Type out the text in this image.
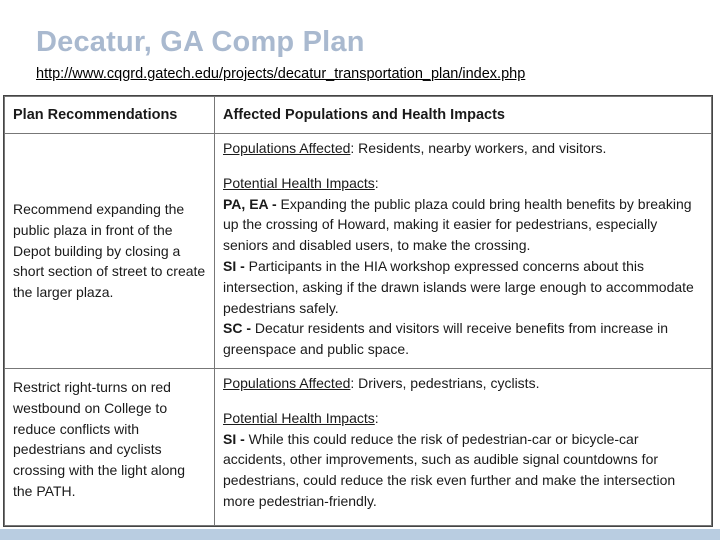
Decatur, GA Comp Plan
http://www.cqgrd.gatech.edu/projects/decatur_transportation_plan/index.php
Plan Recommendations	Affected Populations and Health Impacts
Recommend expanding the public plaza in front of the Depot building by closing a short section of street to create the larger plaza.	Populations Affected: Residents, nearby workers, and visitors.
Potential Health Impacts:
PA, EA - Expanding the public plaza could bring health benefits by breaking up the crossing of Howard, making it easier for pedestrians, especially seniors and disabled users, to make the crossing.
SI - Participants in the HIA workshop expressed concerns about this intersection, asking if the drawn islands were large enough to accommodate pedestrians safely.
SC - Decatur residents and visitors will receive benefits from increase in greenspace and public space.

Restrict right-turns on red westbound on College to reduce conflicts with pedestrians and cyclists crossing with the light along the PATH.	Populations Affected: Drivers, pedestrians, cyclists.
Potential Health Impacts:
SI - While this could reduce the risk of pedestrian-car or bicycle-car accidents, other improvements, such as audible signal countdowns for pedestrians, could reduce the risk even further and make the intersection more pedestrian-friendly.
